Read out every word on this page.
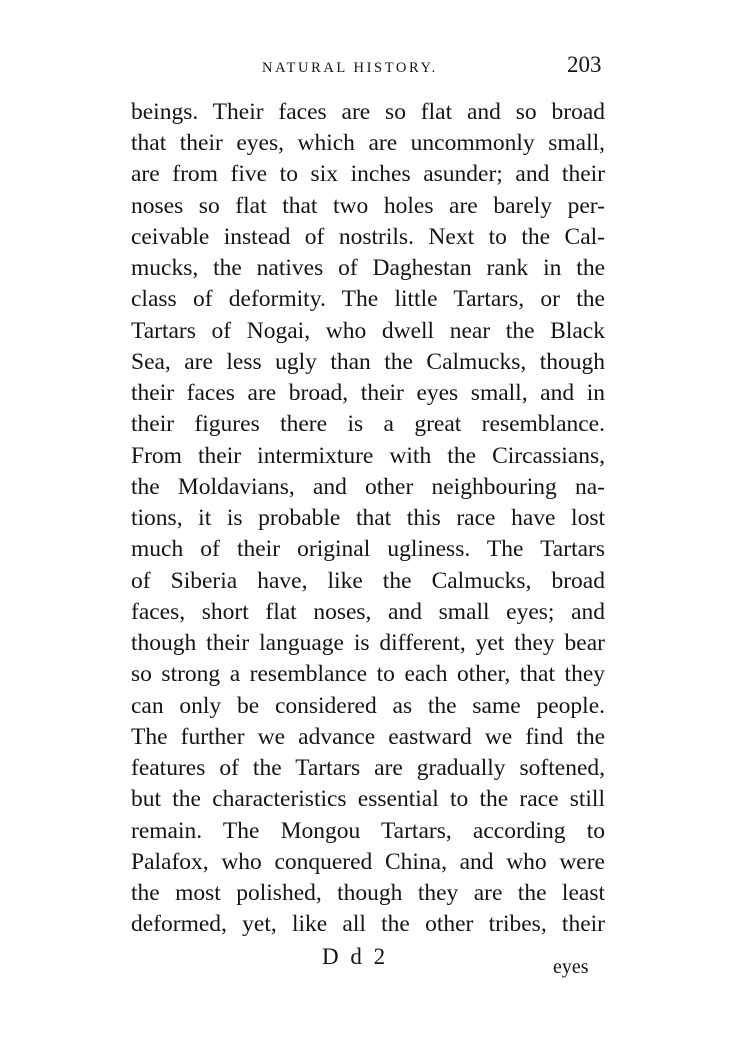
NATURAL HISTORY.	203
beings. Their faces are so flat and so broad
that their eyes, which are uncommonly small,
are from five to six inches asunder; and their
noses so flat that two holes are barely per-
ceivable instead of nostrils. Next to the Cal-
mucks, the natives of Daghestan rank in the
class of deformity. The little Tartars, or the
Tartars of Nogai, who dwell near the Black
Sea, are less ugly than the Calmucks, though
their faces are broad, their eyes small, and in
their figures there is a great resemblance.
From their intermixture with the Circassians,
the Moldavians, and other neighbouring na-
tions, it is probable that this race have lost
much of their original ugliness. The Tartars
of Siberia have, like the Calmucks, broad
faces, short flat noses, and small eyes; and
though their language is different, yet they bear
so strong a resemblance to each other, that they
can only be considered as the same people.
The further we advance eastward we find the
features of the Tartars are gradually softened,
but the characteristics essential to the race still
remain. The Mongou Tartars, according to
Palafox, who conquered China, and who were
the most polished, though they are the least
deformed, yet, like all the other tribes, their
D d 2	eyes
